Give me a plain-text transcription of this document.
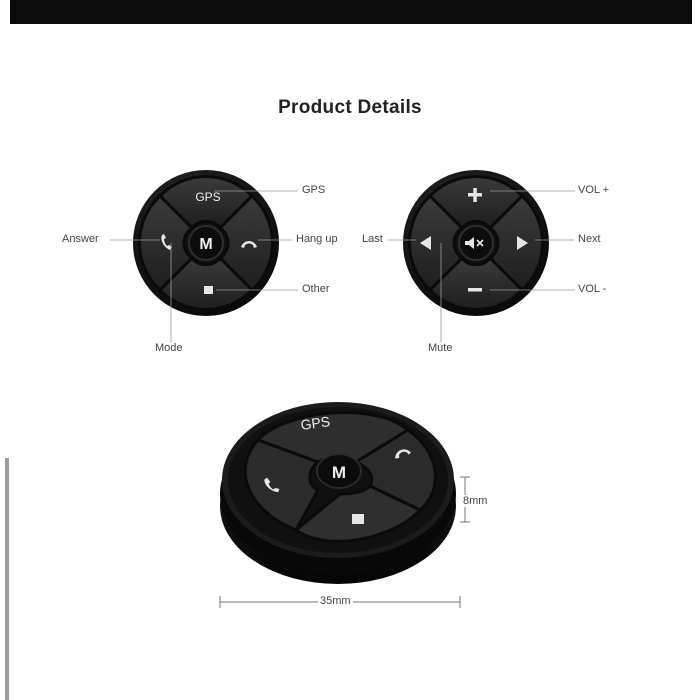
Product Details
M
GPS
M
GPS
GPS
Answer	Hang up
Other
Mode
VOL +
Last	Next
VOL -
Mute
8mm
35mm
